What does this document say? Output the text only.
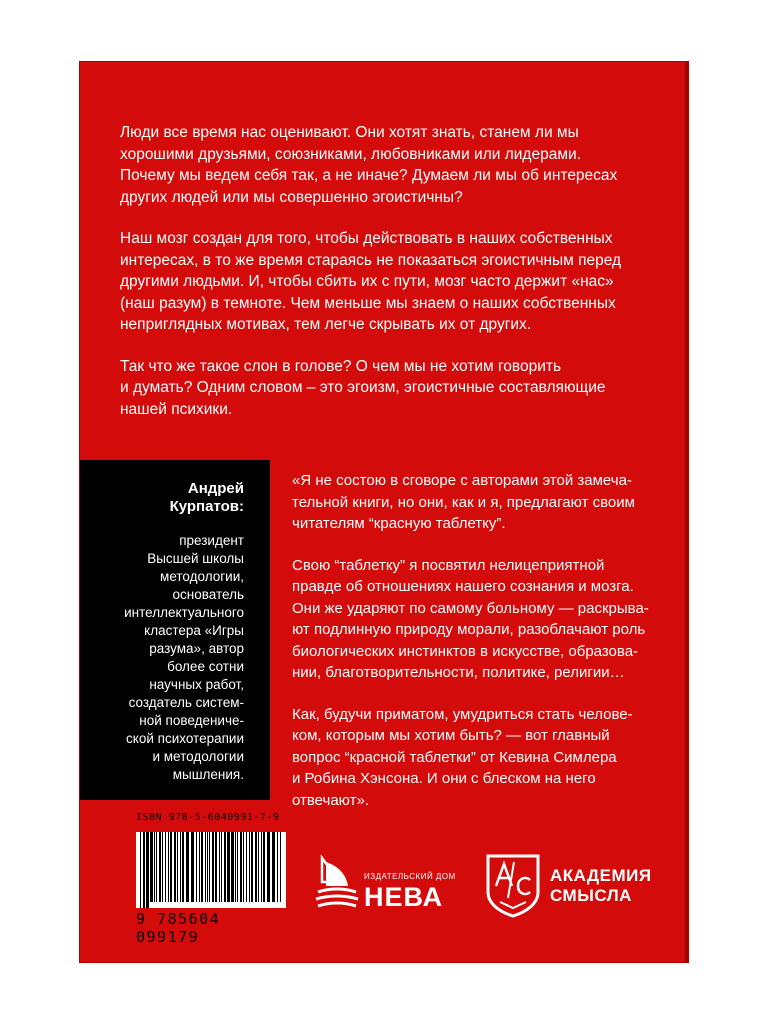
Люди все время нас оценивают. Они хотят знать, станем ли мы
хорошими друзьями, союзниками, любовниками или лидерами.
Почему мы ведем себя так, а не иначе? Думаем ли мы об интересах
других людей или мы совершенно эгоистичны?

Наш мозг создан для того, чтобы действовать в наших собственных
интересах, в то же время стараясь не показаться эгоистичным перед
другими людьми. И, чтобы сбить их с пути, мозг часто держит «нас»
(наш разум) в темноте. Чем меньше мы знаем о наших собственных
неприглядных мотивах, тем легче скрывать их от других.

Так что же такое слон в голове? О чем мы не хотим говорить
и думать? Одним словом – это эгоизм, эгоистичные составляющие
нашей психики.

Андрей
Курпатов:
президент
Высшей школы
методологии,
основатель
интеллектуального
кластера «Игры
разума», автор
более сотни
научных работ,
создатель систем-
ной поведениче-
ской психотерапии
и методологии
мышления.

«Я не состою в сговоре с авторами этой замеча-
тельной книги, но они, как и я, предлагают своим
читателям “красную таблетку”.

Свою “таблетку” я посвятил нелицеприятной
правде об отношениях нашего сознания и мозга.
Они же ударяют по самому больному — раскрыва-
ют подлинную природу морали, разоблачают роль
биологических инстинктов в искусстве, образова-
нии, благотворительности, политике, религии…

Как, будучи приматом, умудриться стать челове-
ком, которым мы хотим быть? — вот главный
вопрос “красной таблетки” от Кевина Симлера
и Робина Хэнсона. И они с блеском на него
отвечают».

ISBN 978-5-6040991-7-9
9 785604 099179
ИЗДАТЕЛЬСКИЙ ДОМ
НЕВА
АКАДЕМИЯ
СМЫСЛА
